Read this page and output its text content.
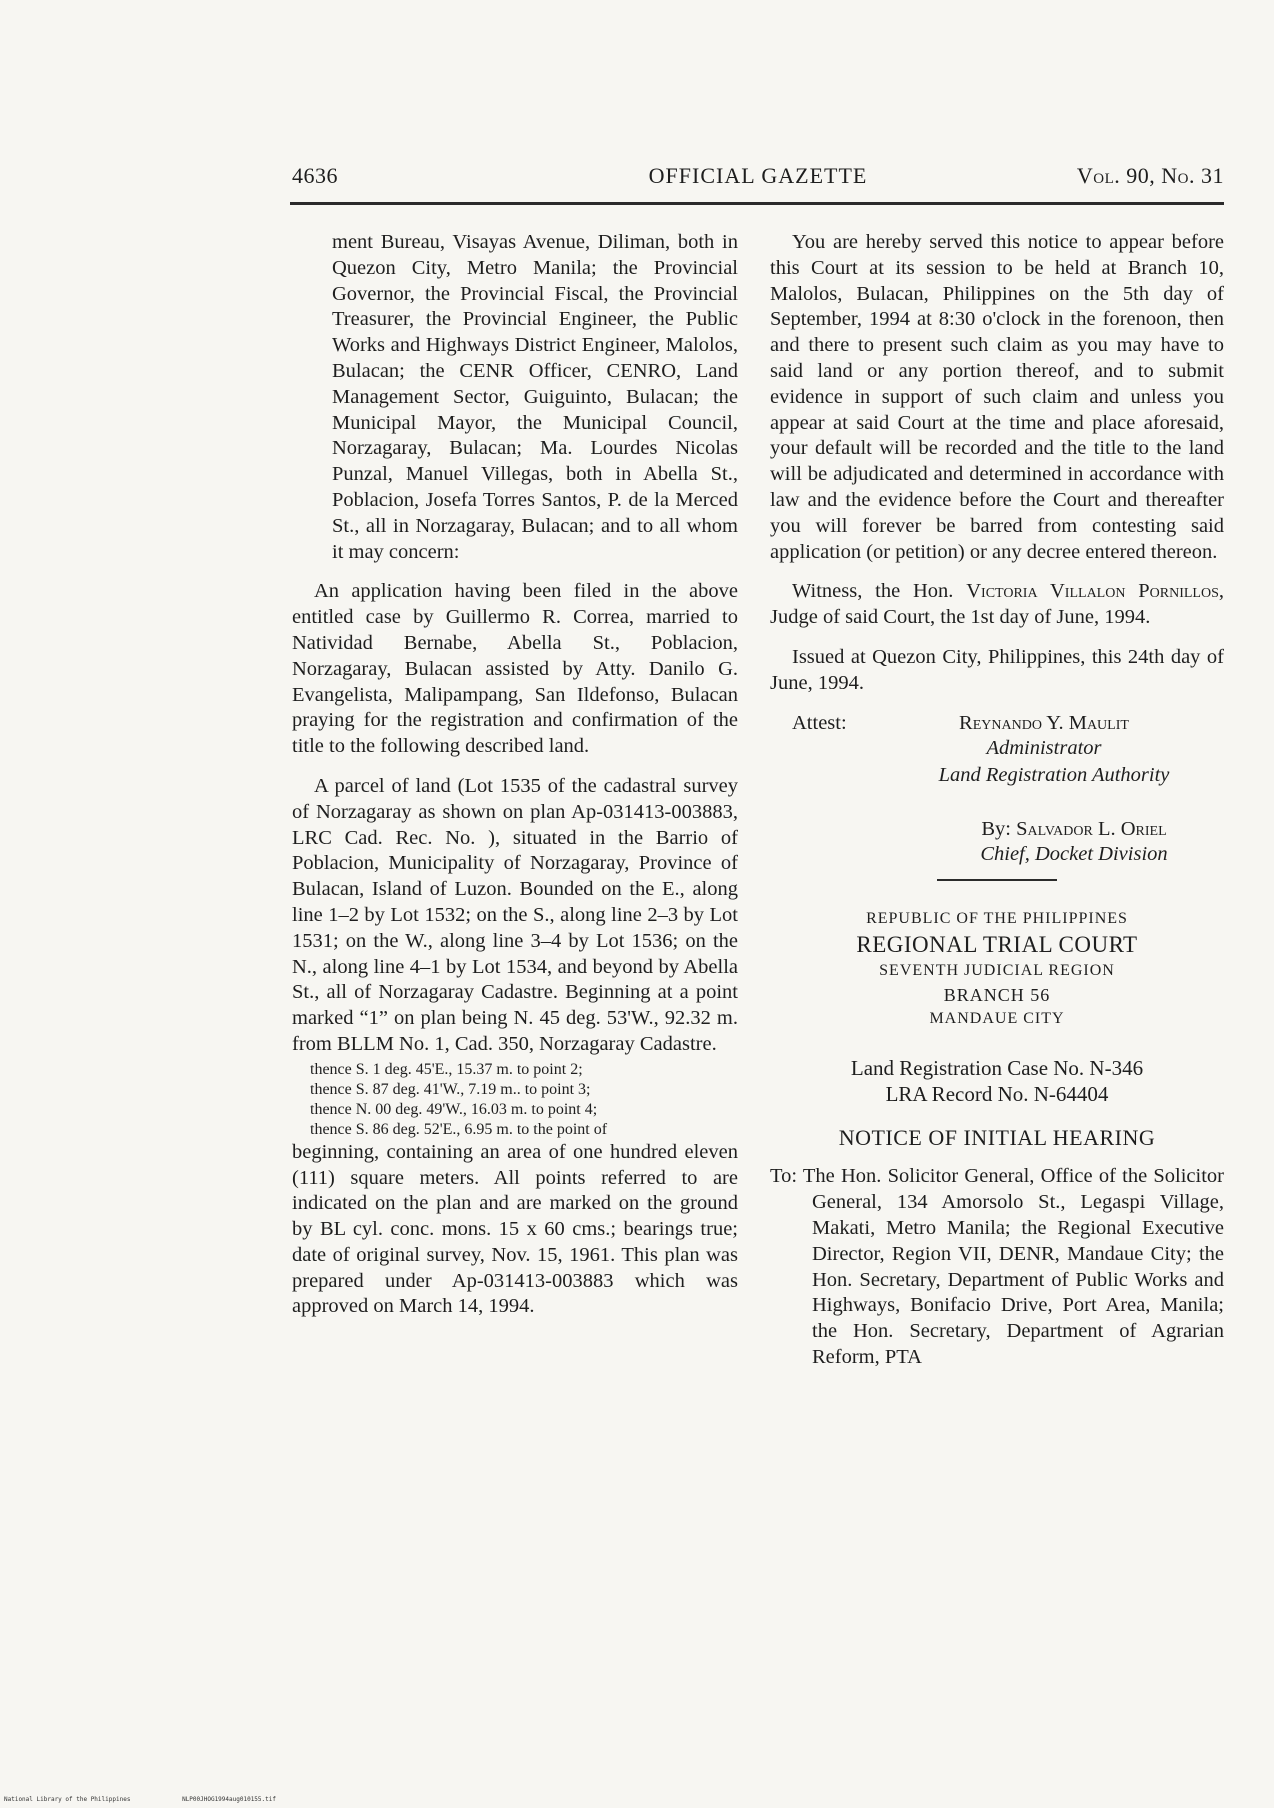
4636	OFFICIAL GAZETTE	Vol. 90, No. 31

ment Bureau, Visayas Avenue, Diliman, both in Quezon City, Metro Manila; the Provincial Governor, the Provincial Fiscal, the Provincial Treasurer, the Provincial Engineer, the Public Works and Highways District Engineer, Malolos, Bulacan; the CENR Officer, CENRO, Land Management Sector, Guiguinto, Bulacan; the Municipal Mayor, the Municipal Council, Norzagaray, Bulacan; Ma. Lourdes Nicolas Punzal, Manuel Villegas, both in Abella St., Poblacion, Josefa Torres Santos, P. de la Merced St., all in Norzagaray, Bulacan; and to all whom it may concern:

An application having been filed in the above entitled case by Guillermo R. Correa, married to Natividad Bernabe, Abella St., Poblacion, Norzagaray, Bulacan assisted by Atty. Danilo G. Evangelista, Malipampang, San Ildefonso, Bulacan praying for the registration and confirmation of the title to the following described land.

A parcel of land (Lot 1535 of the cadastral survey of Norzagaray as shown on plan Ap-031413-003883, LRC Cad. Rec. No. ), situated in the Barrio of Poblacion, Municipality of Norzagaray, Province of Bulacan, Island of Luzon. Bounded on the E., along line 1–2 by Lot 1532; on the S., along line 2–3 by Lot 1531; on the W., along line 3–4 by Lot 1536; on the N., along line 4–1 by Lot 1534, and beyond by Abella St., all of Norzagaray Cadastre. Beginning at a point marked “1” on plan being N. 45 deg. 53'W., 92.32 m. from BLLM No. 1, Cad. 350, Norzagaray Cadastre.

thence S. 1 deg. 45'E., 15.37 m. to point 2;
thence S. 87 deg. 41'W., 7.19 m.. to point 3;
thence N. 00 deg. 49'W., 16.03 m. to point 4;
thence S. 86 deg. 52'E., 6.95 m. to the point of

beginning, containing an area of one hundred eleven (111) square meters. All points referred to are indicated on the plan and are marked on the ground by BL cyl. conc. mons. 15 x 60 cms.; bearings true; date of original survey, Nov. 15, 1961. This plan was prepared under Ap-031413-003883 which was approved on March 14, 1994.

You are hereby served this notice to appear before this Court at its session to be held at Branch 10, Malolos, Bulacan, Philippines on the 5th day of September, 1994 at 8:30 o'clock in the forenoon, then and there to present such claim as you may have to said land or any portion thereof, and to submit evidence in support of such claim and unless you appear at said Court at the time and place aforesaid, your default will be recorded and the title to the land will be adjudicated and determined in accordance with law and the evidence before the Court and thereafter you will forever be barred from contesting said application (or petition) or any decree entered thereon.

Witness, the Hon. Victoria Villalon Pornillos, Judge of said Court, the 1st day of June, 1994.

Issued at Quezon City, Philippines, this 24th day of June, 1994.

Attest:	Reynando Y. Maulit
Administrator
Land Registration Authority
By: Salvador L. Oriel
Chief, Docket Division
REPUBLIC OF THE PHILIPPINES
REGIONAL TRIAL COURT
SEVENTH JUDICIAL REGION
BRANCH 56
MANDAUE CITY
Land Registration Case No. N-346
LRA Record No. N-64404
NOTICE OF INITIAL HEARING

To: The Hon. Solicitor General, Office of the Solicitor General, 134 Amorsolo St., Legaspi Village, Makati, Metro Manila; the Regional Executive Director, Region VII, DENR, Mandaue City; the Hon. Secretary, Department of Public Works and Highways, Bonifacio Drive, Port Area, Manila; the Hon. Secretary, Department of Agrarian Reform, PTA

National Library of the Philippines	NLP00JHOG1994aug010155.tif
